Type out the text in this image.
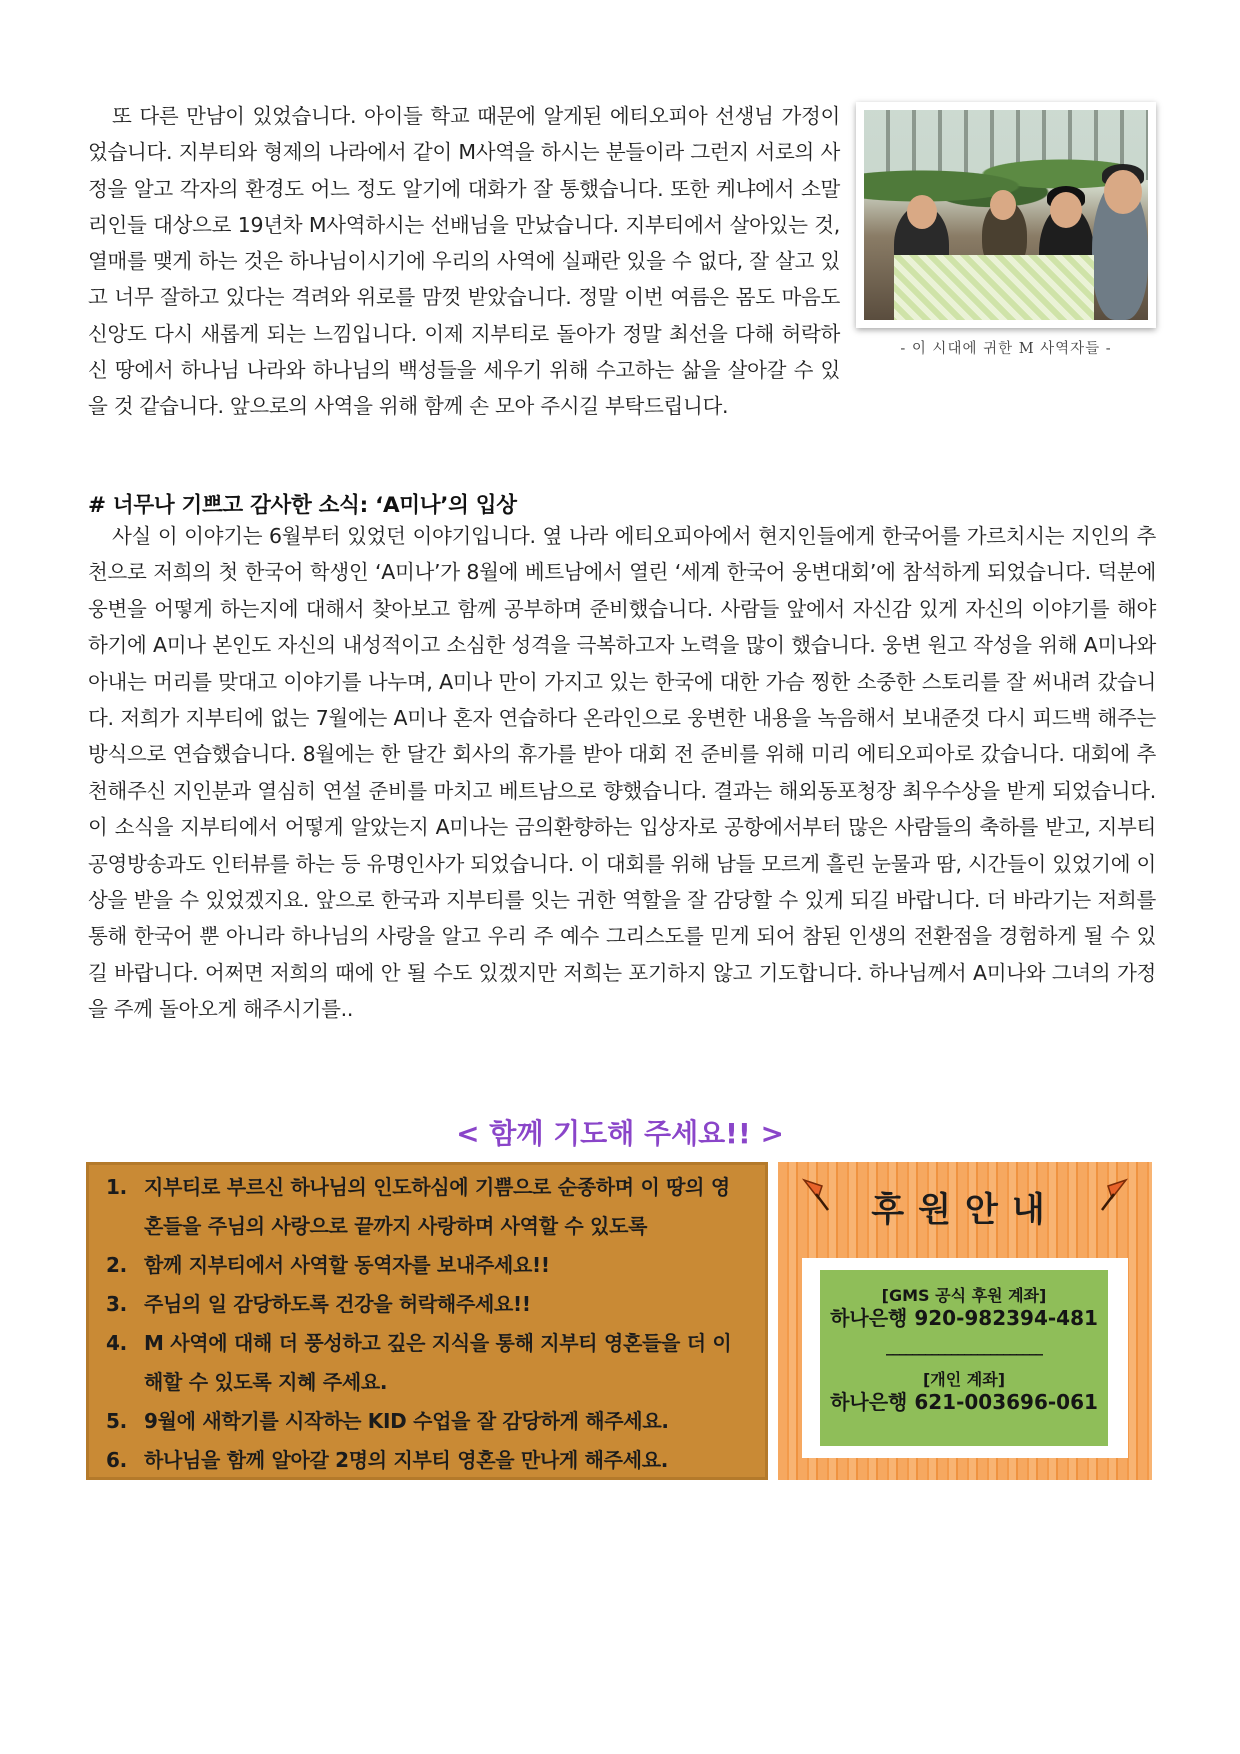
또 다른 만남이 있었습니다. 아이들 학교 때문에 알게된 에티오피아 선생님 가정이었습니다. 지부티와 형제의 나라에서 같이 M사역을 하시는 분들이라 그런지 서로의 사정을 알고 각자의 환경도 어느 정도 알기에 대화가 잘 통했습니다. 또한 케냐에서 소말리인들 대상으로 19년차 M사역하시는 선배님을 만났습니다. 지부티에서 살아있는 것, 열매를 맺게 하는 것은 하나님이시기에 우리의 사역에 실패란 있을 수 없다, 잘 살고 있고 너무 잘하고 있다는 격려와 위로를 맘껏 받았습니다. 정말 이번 여름은 몸도 마음도 신앙도 다시 새롭게 되는 느낌입니다. 이제 지부티로 돌아가 정말 최선을 다해 허락하신 땅에서 하나님 나라와 하나님의 백성들을 세우기 위해 수고하는 삶을 살아갈 수 있을 것 같습니다. 앞으로의 사역을 위해 함께 손 모아 주시길 부탁드립니다.

- 이 시대에 귀한 M 사역자들 -
# 너무나 기쁘고 감사한 소식: ‘A미나’의 입상

사실 이 이야기는 6월부터 있었던 이야기입니다. 옆 나라 에티오피아에서 현지인들에게 한국어를 가르치시는 지인의 추천으로 저희의 첫 한국어 학생인 ‘A미나’가 8월에 베트남에서 열린 ‘세계 한국어 웅변대회’에 참석하게 되었습니다. 덕분에 웅변을 어떻게 하는지에 대해서 찾아보고 함께 공부하며 준비했습니다. 사람들 앞에서 자신감 있게 자신의 이야기를 해야하기에 A미나 본인도 자신의 내성적이고 소심한 성격을 극복하고자 노력을 많이 했습니다. 웅변 원고 작성을 위해 A미나와 아내는 머리를 맞대고 이야기를 나누며, A미나 만이 가지고 있는 한국에 대한 가슴 찡한 소중한 스토리를 잘 써내려 갔습니다. 저희가 지부티에 없는 7월에는 A미나 혼자 연습하다 온라인으로 웅변한 내용을 녹음해서 보내준것 다시 피드백 해주는 방식으로 연습했습니다. 8월에는 한 달간 회사의 휴가를 받아 대회 전 준비를 위해 미리 에티오피아로 갔습니다. 대회에 추천해주신 지인분과 열심히 연설 준비를 마치고 베트남으로 향했습니다. 결과는 해외동포청장 최우수상을 받게 되었습니다. 이 소식을 지부티에서 어떻게 알았는지 A미나는 금의환향하는 입상자로 공항에서부터 많은 사람들의 축하를 받고, 지부티 공영방송과도 인터뷰를 하는 등 유명인사가 되었습니다. 이 대회를 위해 남들 모르게 흘린 눈물과 땀, 시간들이 있었기에 이 상을 받을 수 있었겠지요. 앞으로 한국과 지부티를 잇는 귀한 역할을 잘 감당할 수 있게 되길 바랍니다. 더 바라기는 저희를 통해 한국어 뿐 아니라 하나님의 사랑을 알고 우리 주 예수 그리스도를 믿게 되어 참된 인생의 전환점을 경험하게 될 수 있길 바랍니다. 어쩌면 저희의 때에 안 될 수도 있겠지만 저희는 포기하지 않고 기도합니다. 하나님께서 A미나와 그녀의 가정을 주께 돌아오게 해주시기를..

< 함께 기도해 주세요!! >
1. 지부티로 부르신 하나님의 인도하심에 기쁨으로 순종하며 이 땅의 영혼들을 주님의 사랑으로 끝까지 사랑하며 사역할 수 있도록
2. 함께 지부티에서 사역할 동역자를 보내주세요!!
3. 주님의 일 감당하도록 건강을 허락해주세요!!
4. M 사역에 대해 더 풍성하고 깊은 지식을 통해 지부티 영혼들을 더 이해할 수 있도록 지혜 주세요.
5. 9월에 새학기를 시작하는 KID 수업을 잘 감당하게 해주세요.
6. 하나님을 함께 알아갈 2명의 지부티 영혼을 만나게 해주세요.
후원안내
[GMS 공식 후원 계좌]
하나은행 920-982394-481
________________________
[개인 계좌]
하나은행 621-003696-061
